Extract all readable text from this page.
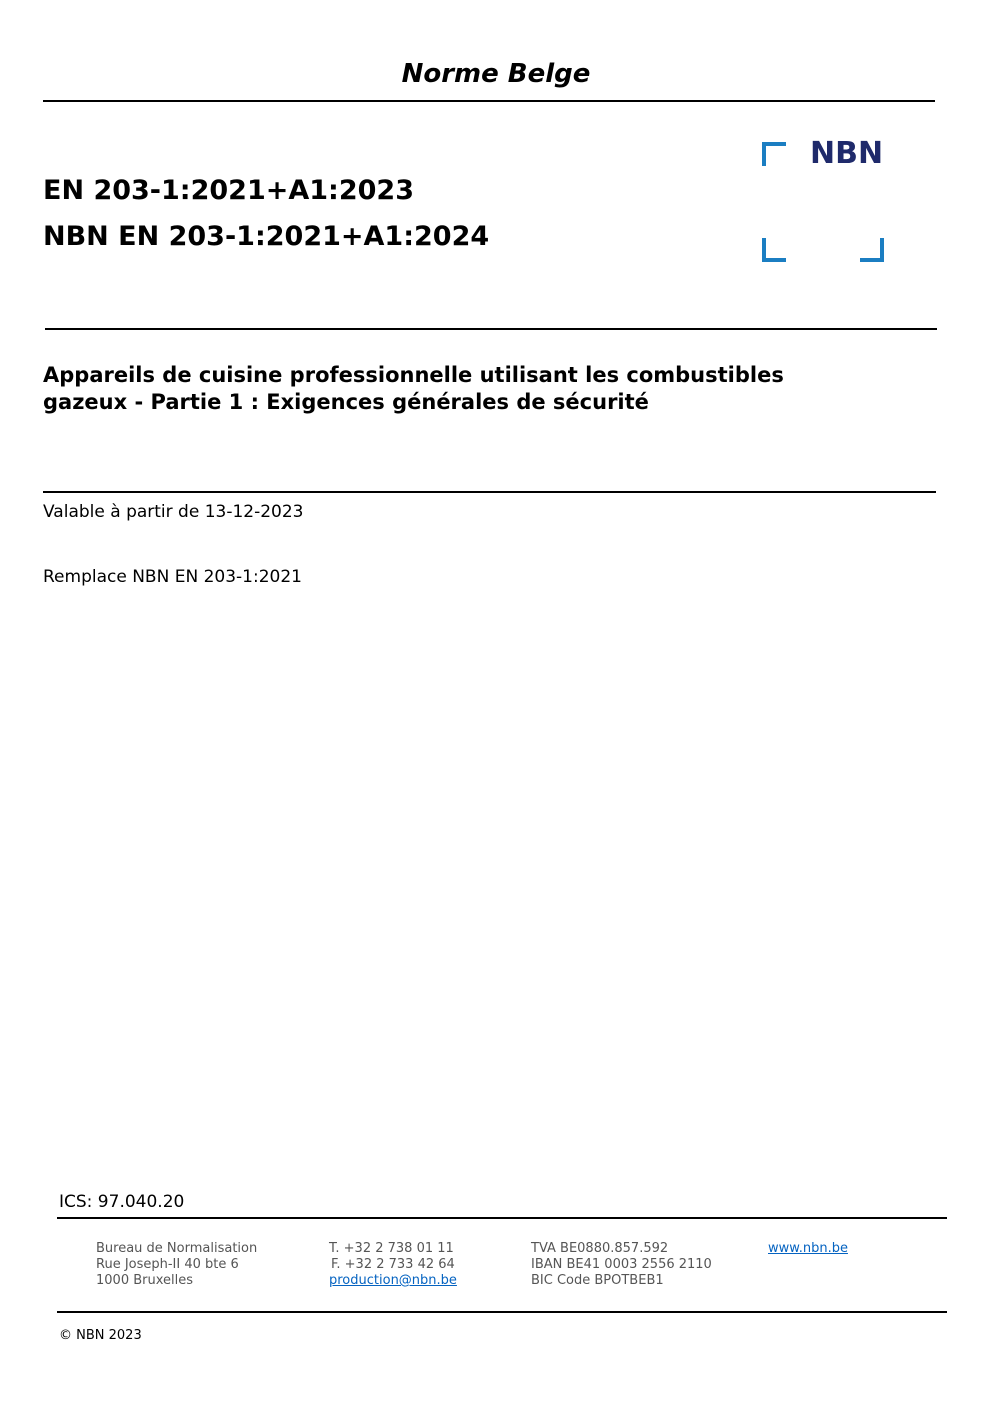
Norme Belge
EN 203-1:2021+A1:2023
NBN EN 203-1:2021+A1:2024
NBN
Appareils de cuisine professionnelle utilisant les combustibles
gazeux - Partie 1 : Exigences générales de sécurité
Valable à partir de 13-12-2023
Remplace NBN EN 203-1:2021
ICS: 97.040.20
Bureau de Normalisation
Rue Joseph-II 40 bte 6
1000 Bruxelles
T. +32 2 738 01 11
F. +32 2 733 42 64
production@nbn.be
TVA BE0880.857.592
IBAN BE41 0003 2556 2110
BIC Code BPOTBEB1
www.nbn.be
© NBN 2023
